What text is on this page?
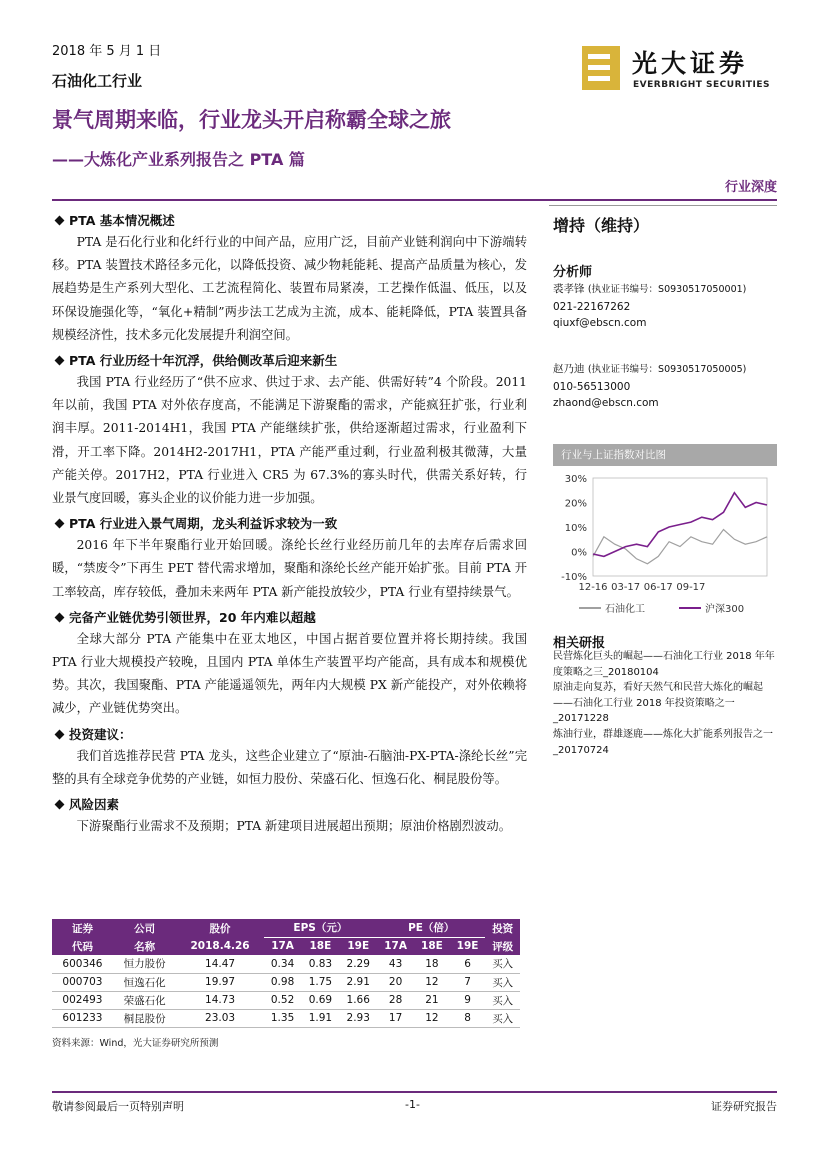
2018 年 5 月 1 日
石油化工行业
景气周期来临，行业龙头开启称霸全球之旅
——大炼化产业系列报告之 PTA 篇
光大证券
EVERBRIGHT SECURITIES
行业深度
PTA 基本情况概述

PTA 是石化行业和化纤行业的中间产品，应用广泛，目前产业链利润向中下游端转移。PTA 装置技术路径多元化，以降低投资、减少物耗能耗、提高产品质量为核心，发展趋势是生产系列大型化、工艺流程简化、装置布局紧凑，工艺操作低温、低压，以及环保设施强化等，“氧化+精制”两步法工艺成为主流，成本、能耗降低，PTA 装置具备规模经济性，技术多元化发展提升利润空间。

PTA 行业历经十年沉浮，供给侧改革后迎来新生

我国 PTA 行业经历了“供不应求、供过于求、去产能、供需好转”4 个阶段。2011 年以前，我国 PTA 对外依存度高，不能满足下游聚酯的需求，产能疯狂扩张，行业利润丰厚。2011-2014H1，我国 PTA 产能继续扩张，供给逐渐超过需求，行业盈利下滑，开工率下降。2014H2-2017H1，PTA 产能严重过剩，行业盈利极其微薄，大量产能关停。2017H2，PTA 行业进入 CR5 为 67.3%的寡头时代，供需关系好转，行业景气度回暖，寡头企业的议价能力进一步加强。

PTA 行业进入景气周期，龙头利益诉求较为一致

2016 年下半年聚酯行业开始回暖。涤纶长丝行业经历前几年的去库存后需求回暖，“禁废令”下再生 PET 替代需求增加，聚酯和涤纶长丝产能开始扩张。目前 PTA 开工率较高，库存较低，叠加未来两年 PTA 新产能投放较少，PTA 行业有望持续景气。

完备产业链优势引领世界，20 年内难以超越

全球大部分 PTA 产能集中在亚太地区，中国占据首要位置并将长期持续。我国 PTA 行业大规模投产较晚，且国内 PTA 单体生产装置平均产能高，具有成本和规模优势。其次，我国聚酯、PTA 产能遥遥领先，两年内大规模 PX 新产能投产，对外依赖将减少，产业链优势突出。

投资建议：

我们首选推荐民营 PTA 龙头，这些企业建立了“原油-石脑油-PX-PTA-涤纶长丝”完整的具有全球竞争优势的产业链，如恒力股份、荣盛石化、恒逸石化、桐昆股份等。

风险因素

下游聚酯行业需求不及预期；PTA 新建项目进展超出预期；原油价格剧烈波动。

增持（维持）
分析师
裘孝锋 (执业证书编号：S0930517050001)
021-22167262
qiuxf@ebscn.com
赵乃迪 (执业证书编号：S0930517050005)
010-56513000
zhaond@ebscn.com
行业与上证指数对比图
30%
20%
10%
0%
-10%
12-16 03-17 06-17 09-17
石油化工	沪深300
相关研报
民营炼化巨头的崛起——石油化工行业 2018 年年度策略之三_20180104
原油走向复苏，看好天然气和民营大炼化的崛起——石油化工行业 2018 年投资策略之一_20171228
炼油行业，群雄逐鹿——炼化大扩能系列报告之一_20170724
证券	公司	股价	EPS（元）			PE（倍）			投资
代码	名称	2018.4.26	17A	18E	19E	17A	18E	19E	评级
600346	恒力股份	14.47	0.34	0.83	2.29	43	18	6	买入
000703	恒逸石化	19.97	0.98	1.75	2.91	20	12	7	买入
002493	荣盛石化	14.73	0.52	0.69	1.66	28	21	9	买入
601233	桐昆股份	23.03	1.35	1.91	2.93	17	12	8	买入
资料来源：Wind，光大证券研究所预测
敬请参阅最后一页特别声明	-1-	证券研究报告
